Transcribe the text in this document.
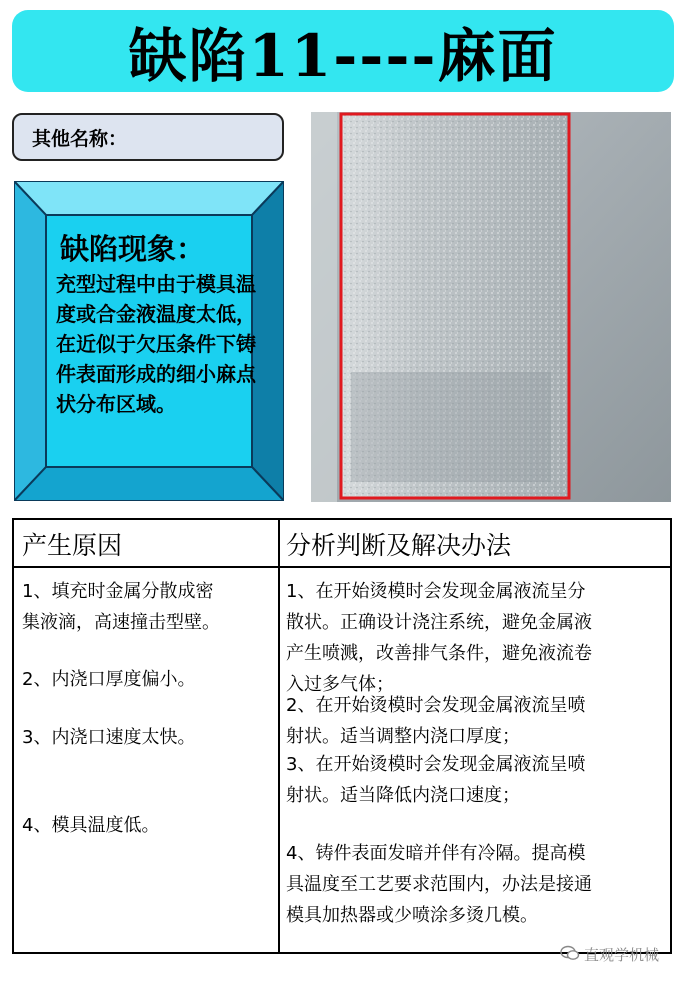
缺陷11----麻面
其他名称：
缺陷现象：
充型过程中由于模具温度或合金液温度太低，在近似于欠压条件下铸件表面形成的细小麻点状分布区域。
产生原因	分析判断及解决办法
1、填充时金属分散成密
集液滴，高速撞击型壁。
2、内浇口厚度偏小。
3、内浇口速度太快。
4、模具温度低。
1、在开始烫模时会发现金属液流呈分
散状。正确设计浇注系统，避免金属液
产生喷溅，改善排气条件，避免液流卷
入过多气体；
2、在开始烫模时会发现金属液流呈喷
射状。适当调整内浇口厚度；
3、在开始烫模时会发现金属液流呈喷
射状。适当降低内浇口速度；
4、铸件表面发暗并伴有冷隔。提高模
具温度至工艺要求范围内，办法是接通
模具加热器或少喷涂多烫几模。
直观学机械
